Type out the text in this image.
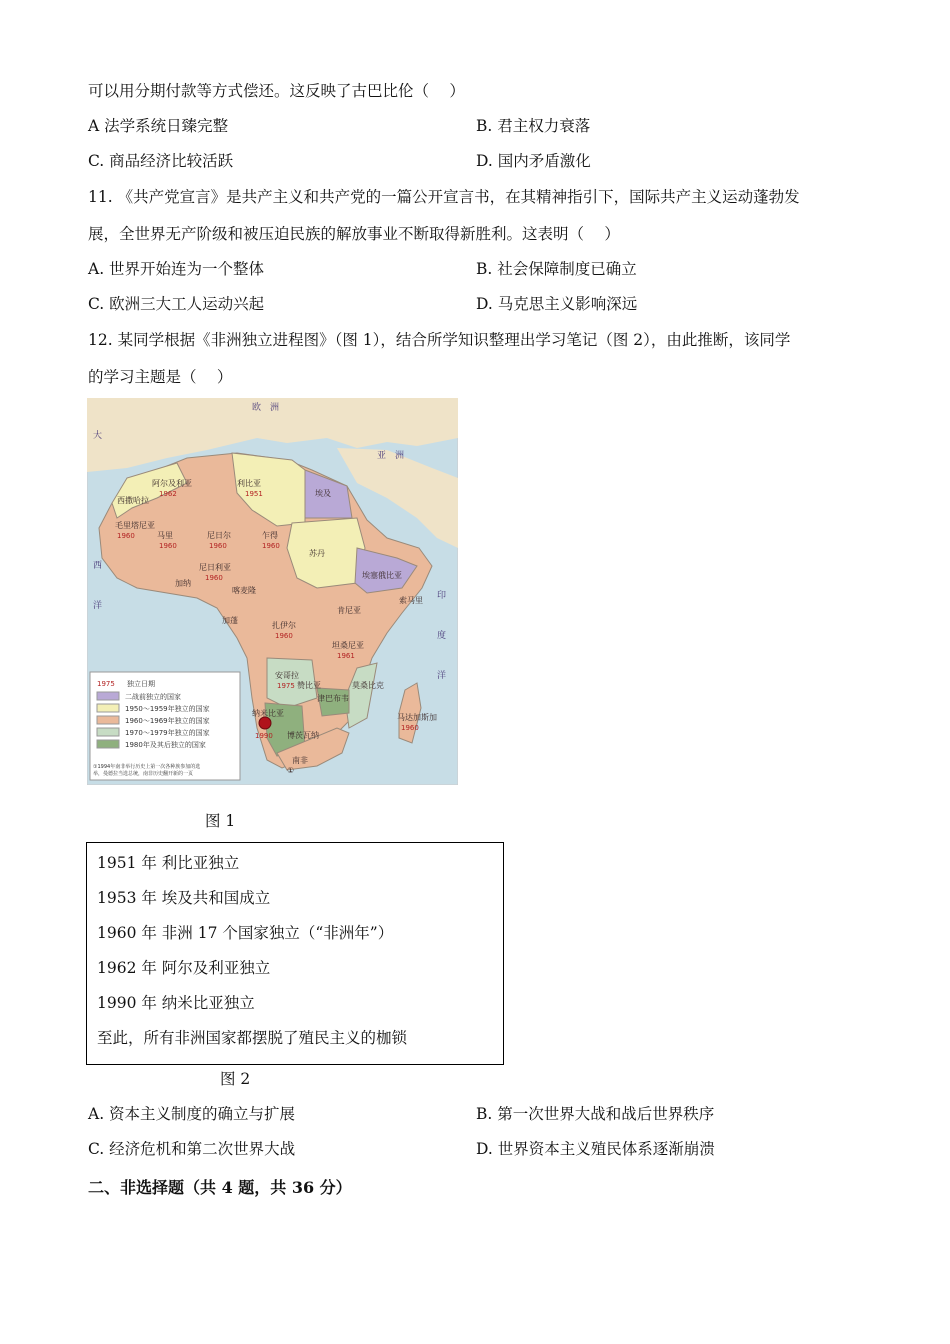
可以用分期付款等方式偿还。这反映了古巴比伦（　 ）
A 法学系统日臻完整	B. 君主权力衰落
C. 商品经济比较活跃	D. 国内矛盾激化
11. 《共产党宣言》是共产主义和共产党的一篇公开宣言书，在其精神指引下，国际共产主义运动蓬勃发
展，全世界无产阶级和被压迫民族的解放事业不断取得新胜利。这表明（　 ）
A. 世界开始连为一个整体	B. 社会保障制度已确立
C. 欧洲三大工人运动兴起	D. 马克思主义影响深远
12. 某同学根据《非洲独立进程图》（图 1），结合所学知识整理出学习笔记（图 2），由此推断，该同学
的学习主题是（　 ）
欧　洲
亚　洲
大
西
洋
印
度
洋
阿尔及利亚	利比亚
埃及
苏丹
尼日尔	乍得
尼日利亚
扎伊尔
安哥拉
纳米比亚
南非
马达加斯加
埃塞俄比亚
坦桑尼亚
津巴布韦
莫桑比克
马里
毛里塔尼亚
肯尼亚
赞比亚
博茨瓦纳
加蓬
喀麦隆
索马里
西撒哈拉
加纳
①
1962	1951
1960	1960
1960
1960
1975
1960
1961
1990
1960
1960
1975 独立日期
二战前独立的国家
1950～1959年独立的国家
1960～1969年独立的国家
1970～1979年独立的国家
1980年及其后独立的国家
①1994年南非举行历史上第一次各种族参加的选
举，曼德拉当选总统，南非历史翻开新的一页
图 1
1951 年 利比亚独立
1953 年 埃及共和国成立
1960 年 非洲 17 个国家独立（“非洲年”）
1962 年 阿尔及利亚独立
1990 年 纳米比亚独立
至此，所有非洲国家都摆脱了殖民主义的枷锁
图 2
A. 资本主义制度的确立与扩展	B. 第一次世界大战和战后世界秩序
C. 经济危机和第二次世界大战	D. 世界资本主义殖民体系逐渐崩溃
二、非选择题（共 4 题，共 36 分）
